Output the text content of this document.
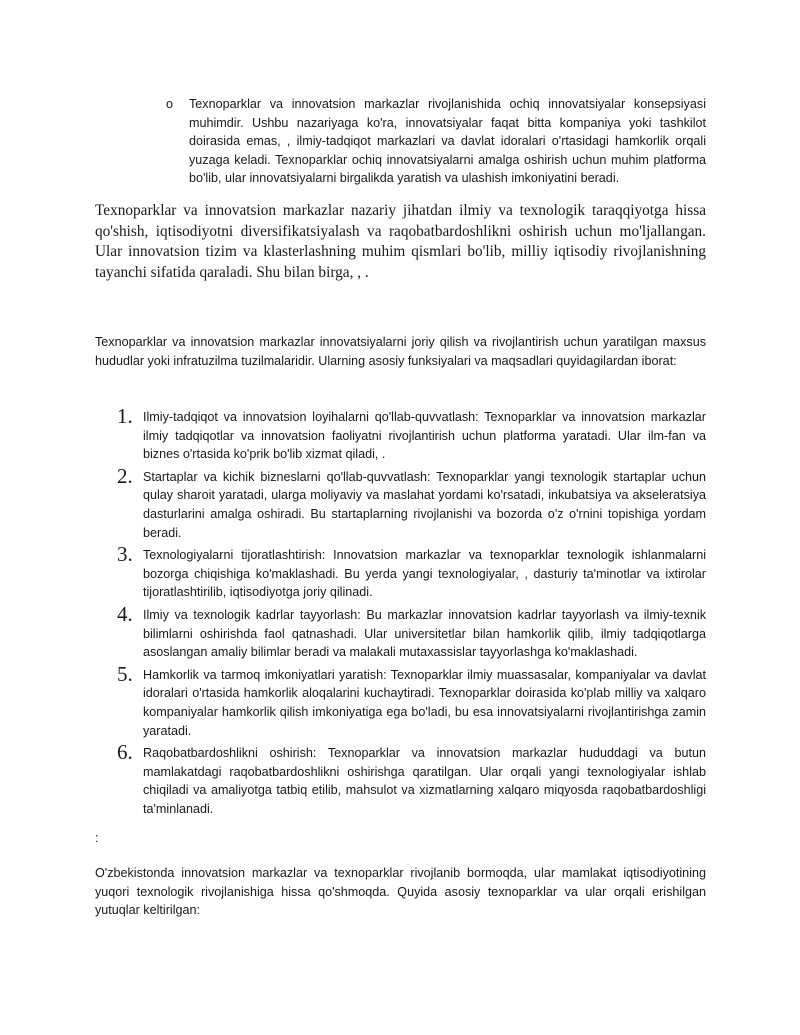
o Texnoparklar va innovatsion markazlar rivojlanishida ochiq innovatsiyalar konsepsiyasi muhimdir. Ushbu nazariyaga ko'ra, innovatsiyalar faqat bitta kompaniya yoki tashkilot doirasida emas, , ilmiy-tadqiqot markazlari va davlat idoralari o'rtasidagi hamkorlik orqali yuzaga keladi. Texnoparklar ochiq innovatsiyalarni amalga oshirish uchun muhim platforma bo'lib, ular innovatsiyalarni birgalikda yaratish va ulashish imkoniyatini beradi.

Texnoparklar va innovatsion markazlar nazariy jihatdan ilmiy va texnologik taraqqiyotga hissa qo'shish, iqtisodiyotni diversifikatsiyalash va raqobatbardoshlikni oshirish uchun mo'ljallangan. Ular innovatsion tizim va klasterlashning muhim qismlari bo'lib, milliy iqtisodiy rivojlanishning tayanchi sifatida qaraladi. Shu bilan birga, , .

Texnoparklar va innovatsion markazlar innovatsiyalarni joriy qilish va rivojlantirish uchun yaratilgan maxsus hududlar yoki infratuzilma tuzilmalaridir. Ularning asosiy funksiyalari va maqsadlari quyidagilardan iborat:

1. Ilmiy-tadqiqot va innovatsion loyihalarni qo'llab-quvvatlash: Texnoparklar va innovatsion markazlar ilmiy tadqiqotlar va innovatsion faoliyatni rivojlantirish uchun platforma yaratadi. Ular ilm-fan va biznes o'rtasida ko'prik bo'lib xizmat qiladi, .
2. Startaplar va kichik bizneslarni qo'llab-quvvatlash: Texnoparklar yangi texnologik startaplar uchun qulay sharoit yaratadi, ularga moliyaviy va maslahat yordami ko'rsatadi, inkubatsiya va akseleratsiya dasturlarini amalga oshiradi. Bu startaplarning rivojlanishi va bozorda o'z o'rnini topishiga yordam beradi.
3. Texnologiyalarni tijoratlashtirish: Innovatsion markazlar va texnoparklar texnologik ishlanmalarni bozorga chiqishiga ko'maklashadi. Bu yerda yangi texnologiyalar, , dasturiy ta'minotlar va ixtirolar tijoratlashtirilib, iqtisodiyotga joriy qilinadi.
4. Ilmiy va texnologik kadrlar tayyorlash: Bu markazlar innovatsion kadrlar tayyorlash va ilmiy-texnik bilimlarni oshirishda faol qatnashadi. Ular universitetlar bilan hamkorlik qilib, ilmiy tadqiqotlarga asoslangan amaliy bilimlar beradi va malakali mutaxassislar tayyorlashga ko'maklashadi.
5. Hamkorlik va tarmoq imkoniyatlari yaratish: Texnoparklar ilmiy muassasalar, kompaniyalar va davlat idoralari o'rtasida hamkorlik aloqalarini kuchaytiradi. Texnoparklar doirasida ko'plab milliy va xalqaro kompaniyalar hamkorlik qilish imkoniyatiga ega bo'ladi, bu esa innovatsiyalarni rivojlantirishga zamin yaratadi.
6. Raqobatbardoshlikni oshirish: Texnoparklar va innovatsion markazlar hududdagi va butun mamlakatdagi raqobatbardoshlikni oshirishga qaratilgan. Ular orqali yangi texnologiyalar ishlab chiqiladi va amaliyotga tatbiq etilib, mahsulot va xizmatlarning xalqaro miqyosda raqobatbardoshligi ta'minlanadi.

:

O'zbekistonda innovatsion markazlar va texnoparklar rivojlanib bormoqda, ular mamlakat iqtisodiyotining yuqori texnologik rivojlanishiga hissa qo'shmoqda. Quyida asosiy texnoparklar va ular orqali erishilgan yutuqlar keltirilgan:
